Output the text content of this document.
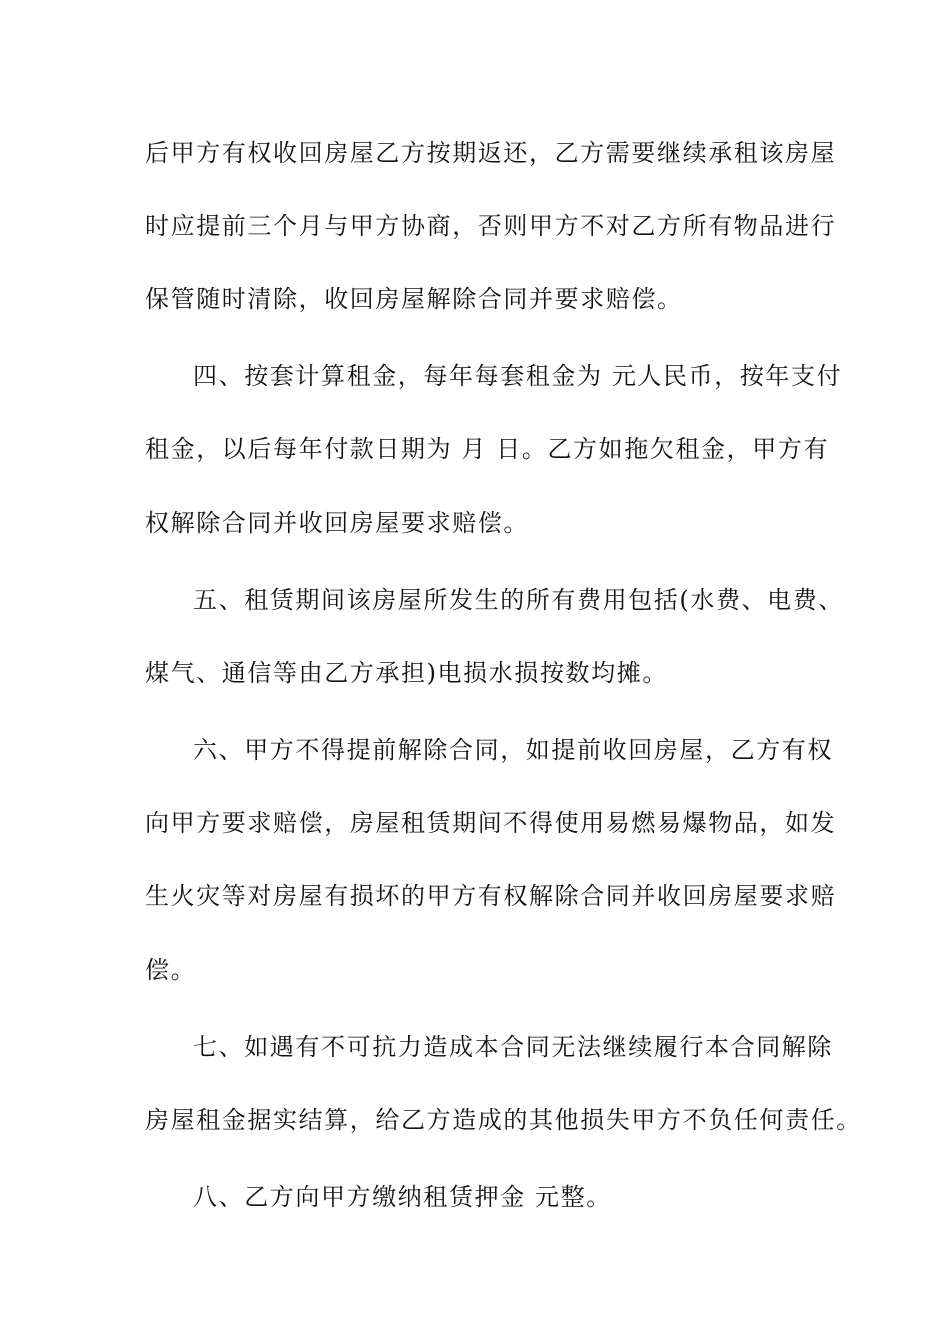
后甲方有权收回房屋乙方按期返还，乙方需要继续承租该房屋
时应提前三个月与甲方协商，否则甲方不对乙方所有物品进行
保管随时清除，收回房屋解除合同并要求赔偿。
四、按套计算租金，每年每套租金为 元人民币，按年支付
租金，以后每年付款日期为 月 日。乙方如拖欠租金，甲方有
权解除合同并收回房屋要求赔偿。
五、租赁期间该房屋所发生的所有费用包括(水费、电费、
煤气、通信等由乙方承担)电损水损按数均摊。
六、甲方不得提前解除合同，如提前收回房屋，乙方有权
向甲方要求赔偿，房屋租赁期间不得使用易燃易爆物品，如发
生火灾等对房屋有损坏的甲方有权解除合同并收回房屋要求赔
偿。
七、如遇有不可抗力造成本合同无法继续履行本合同解除
房屋租金据实结算，给乙方造成的其他损失甲方不负任何责任。
八、乙方向甲方缴纳租赁押金 元整。
